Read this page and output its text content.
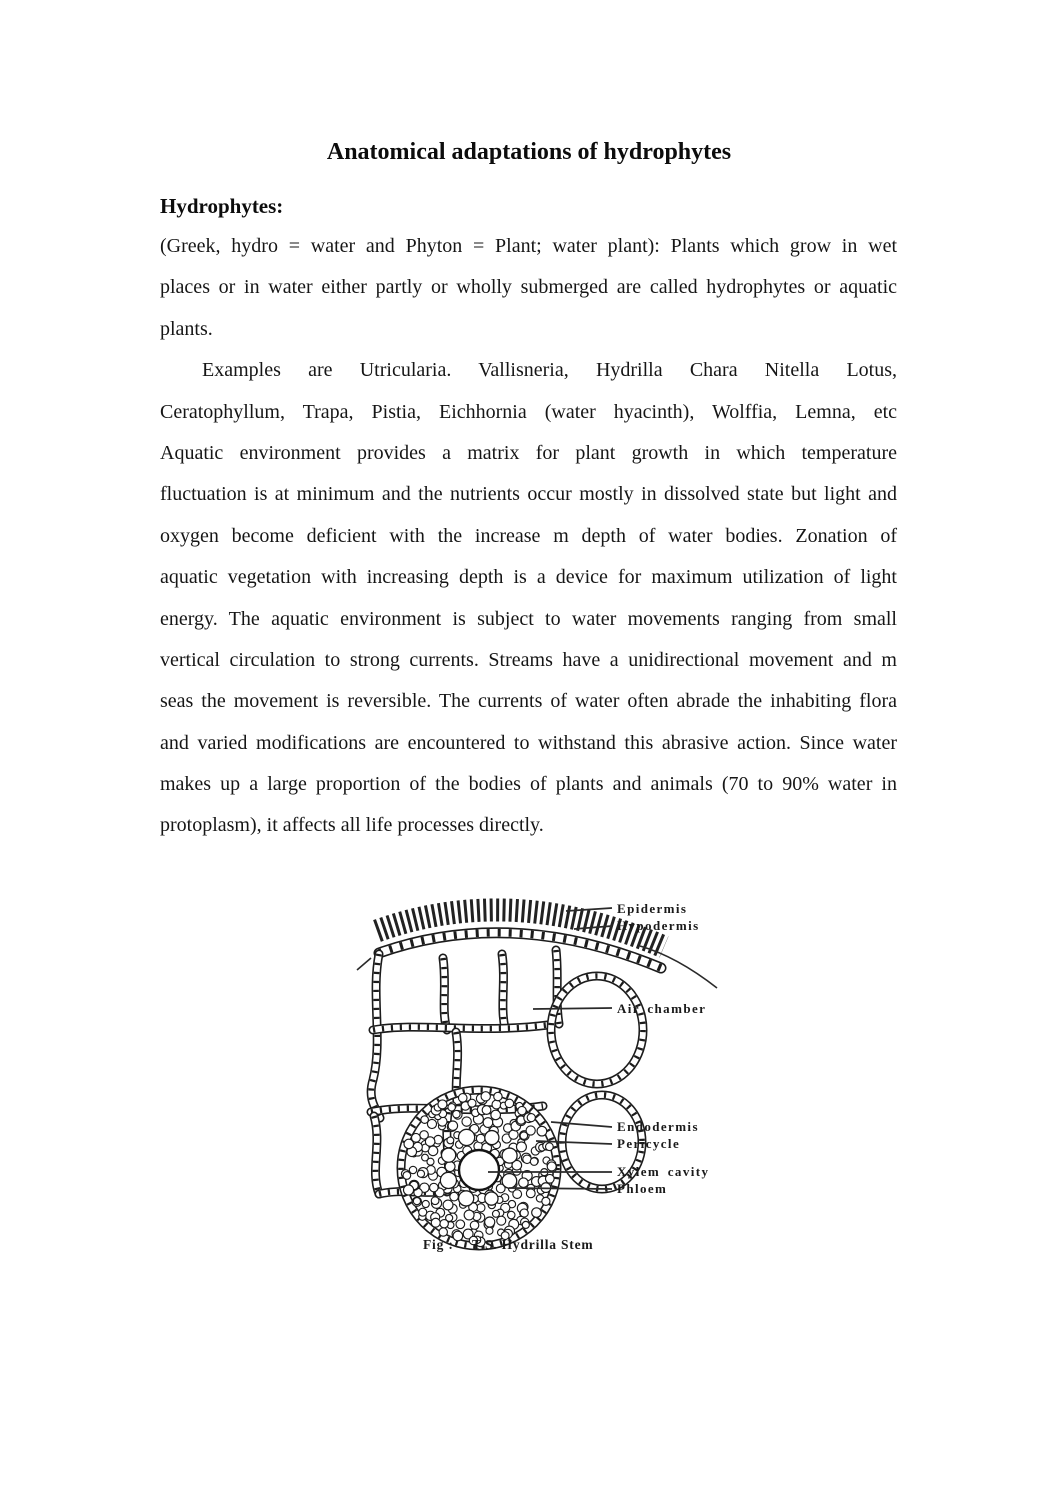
Anatomical adaptations of hydrophytes
Hydrophytes:
(Greek, hydro = water and Phyton = Plant; water plant): Plants which grow in wet
places or in water either partly or wholly submerged are called hydrophytes or aquatic
plants.
Examples are Utricularia. Vallisneria, Hydrilla Chara Nitella Lotus,
Ceratophyllum, Trapa, Pistia, Eichhornia (water hyacinth), Wolffia, Lemna, etc
Aquatic environment provides a matrix for plant growth in which temperature
fluctuation is at minimum and the nutrients occur mostly in dissolved state but light and
oxygen become deficient with the increase m depth of water bodies. Zonation of
aquatic vegetation with increasing depth is a device for maximum utilization of light
energy. The aquatic environment is subject to water movements ranging from small
vertical circulation to strong currents. Streams have a unidirectional movement and m
seas the movement is reversible. The currents of water often abrade the inhabiting flora
and varied modifications are encountered to withstand this abrasive action. Since water
makes up a large proportion of the bodies of plants and animals (70 to 90% water in
protoplasm), it affects all life processes directly.
Epidermis
Hypodermis
Air chamber
Endodermis
Pericycle
Xylem cavity
Phloem
Fig : T.S. Hydrilla Stem
